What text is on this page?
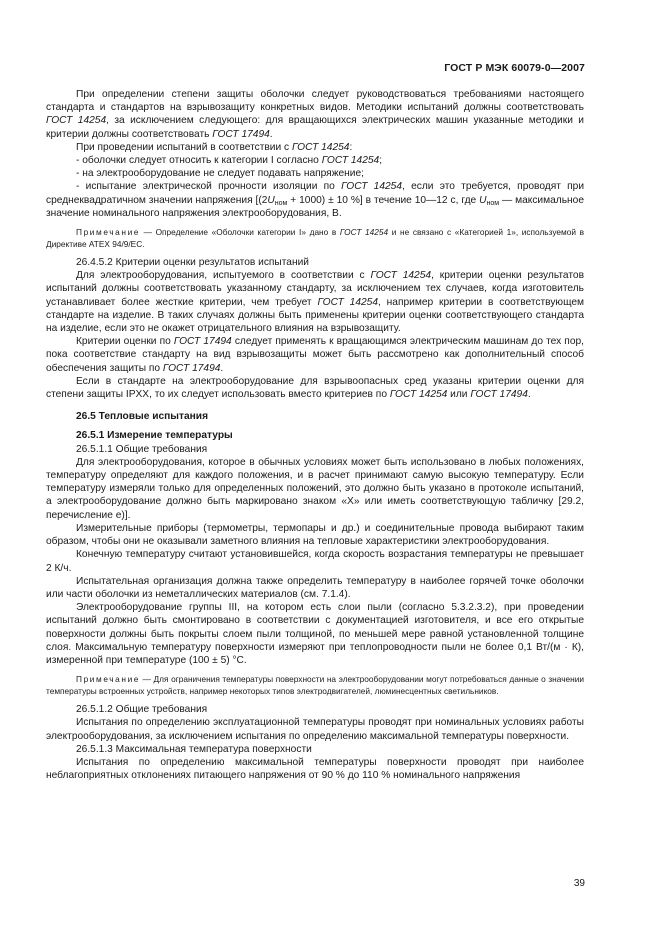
ГОСТ Р МЭК 60079-0—2007

При определении степени защиты оболочки следует руководствоваться требованиями настоящего стандарта и стандартов на взрывозащиту конкретных видов. Методики испытаний должны соответствовать ГОСТ 14254, за исключением следующего: для вращающихся электрических машин указанные методики и критерии должны соответствовать ГОСТ 17494.

При проведении испытаний в соответствии с ГОСТ 14254:

- оболочки следует относить к категории I согласно ГОСТ 14254;

- на электрооборудование не следует подавать напряжение;

- испытание электрической прочности изоляции по ГОСТ 14254, если это требуется, проводят при среднеквадратичном значении напряжения [$(2U_{ном} + 1000) \pm 10$ %] в течение 10—12 с, где $U_{ном}$ — максимальное значение номинального напряжения электрооборудования, В.

Примечание — Определение «Оболочки категории I» дано в ГОСТ 14254 и не связано с «Категорией 1», используемой в Директиве ATEX 94/9/EC.

26.4.5.2 Критерии оценки результатов испытаний

Для электрооборудования, испытуемого в соответствии с ГОСТ 14254, критерии оценки результатов испытаний должны соответствовать указанному стандарту, за исключением тех случаев, когда изготовитель устанавливает более жесткие критерии, чем требует ГОСТ 14254, например критерии в соответствующем стандарте на изделие. В таких случаях должны быть применены критерии оценки соответствующего стандарта на изделие, если это не окажет отрицательного влияния на взрывозащиту.

Критерии оценки по ГОСТ 17494 следует применять к вращающимся электрическим машинам до тех пор, пока соответствие стандарту на вид взрывозащиты может быть рассмотрено как дополнительный способ обеспечения защиты по ГОСТ 17494.

Если в стандарте на электрооборудование для взрывоопасных сред указаны критерии оценки для степени защиты IPXX, то их следует использовать вместо критериев по ГОСТ 14254 или ГОСТ 17494.

26.5 Тепловые испытания

26.5.1 Измерение температуры

26.5.1.1 Общие требования

Для электрооборудования, которое в обычных условиях может быть использовано в любых положениях, температуру определяют для каждого положения, и в расчет принимают самую высокую температуру. Если температуру измеряли только для определенных положений, это должно быть указано в протоколе испытаний, а электрооборудование должно быть маркировано знаком «X» или иметь соответствующую табличку [29.2, перечисление е)].

Измерительные приборы (термометры, термопары и др.) и соединительные провода выбирают таким образом, чтобы они не оказывали заметного влияния на тепловые характеристики электрооборудования.

Конечную температуру считают установившейся, когда скорость возрастания температуры не превышает 2 К/ч.

Испытательная организация должна также определить температуру в наиболее горячей точке оболочки или части оболочки из неметаллических материалов (см. 7.1.4).

Электрооборудование группы III, на котором есть слои пыли (согласно 5.3.2.3.2), при проведении испытаний должно быть смонтировано в соответствии с документацией изготовителя, и все его открытые поверхности должны быть покрыты слоем пыли толщиной, по меньшей мере равной установленной толщине слоя. Максимальную температуру поверхности измеряют при теплопроводности пыли не более 0,1 Вт/(м · К), измеренной при температуре (100 ± 5) °С.

Примечание — Для ограничения температуры поверхности на электрооборудовании могут потребоваться данные о значении температуры встроенных устройств, например некоторых типов электродвигателей, люминесцентных светильников.

26.5.1.2 Общие требования

Испытания по определению эксплуатационной температуры проводят при номинальных условиях работы электрооборудования, за исключением испытания по определению максимальной температуры поверхности.

26.5.1.3 Максимальная температура поверхности

Испытания по определению максимальной температуры поверхности проводят при наиболее неблагоприятных отклонениях питающего напряжения от 90 % до 110 % номинального напряжения

39
